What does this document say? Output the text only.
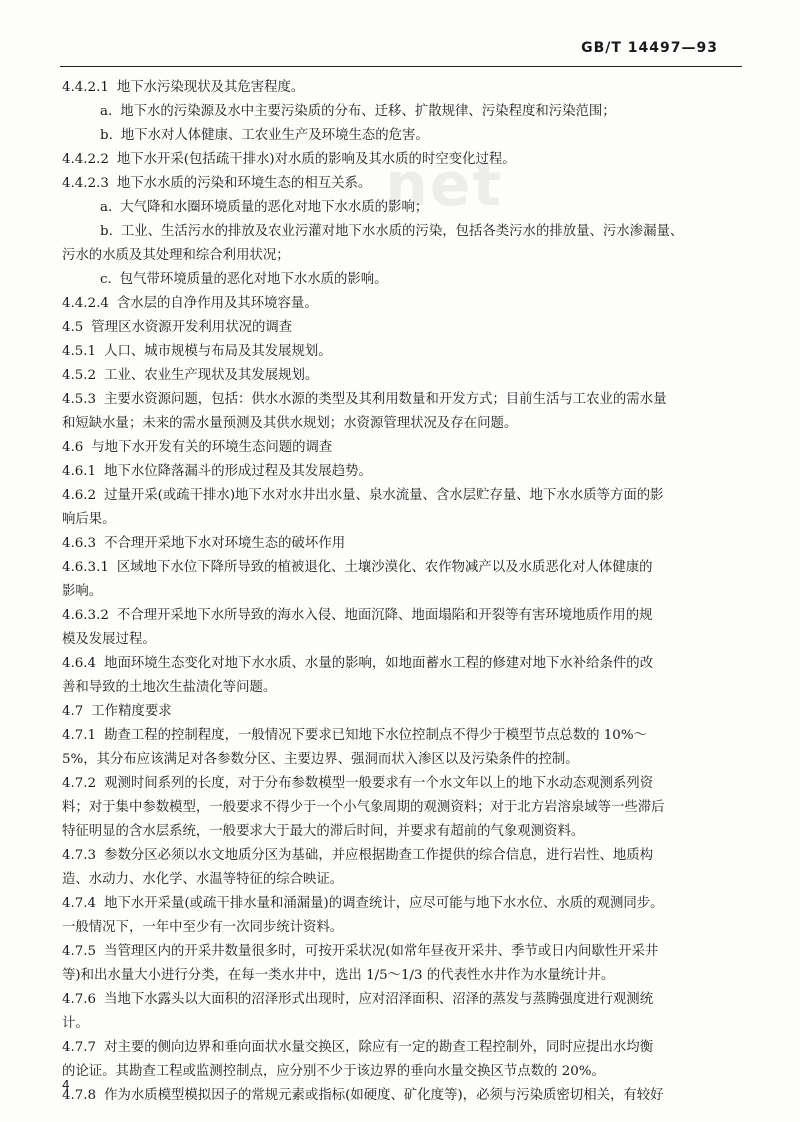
GB/T 14497—93
net
4.4.2.1 地下水污染现状及其危害程度。
a. 地下水的污染源及水中主要污染质的分布、迁移、扩散规律、污染程度和污染范围；
b. 地下水对人体健康、工农业生产及环境生态的危害。
4.4.2.2 地下水开采(包括疏干排水)对水质的影响及其水质的时空变化过程。
4.4.2.3 地下水水质的污染和环境生态的相互关系。
a. 大气降和水圈环境质量的恶化对地下水水质的影响；
b. 工业、生活污水的排放及农业污灌对地下水水质的污染，包括各类污水的排放量、污水渗漏量、
污水的水质及其处理和综合利用状况；
c. 包气带环境质量的恶化对地下水水质的影响。
4.4.2.4 含水层的自净作用及其环境容量。
4.5 管理区水资源开发利用状况的调查
4.5.1 人口、城市规模与布局及其发展规划。
4.5.2 工业、农业生产现状及其发展规划。
4.5.3 主要水资源问题，包括：供水水源的类型及其利用数量和开发方式；目前生活与工农业的需水量
和短缺水量；未来的需水量预测及其供水规划；水资源管理状况及存在问题。
4.6 与地下水开发有关的环境生态问题的调查
4.6.1 地下水位降落漏斗的形成过程及其发展趋势。
4.6.2 过量开采(或疏干排水)地下水对水井出水量、泉水流量、含水层贮存量、地下水水质等方面的影
响后果。
4.6.3 不合理开采地下水对环境生态的破坏作用
4.6.3.1 区域地下水位下降所导致的植被退化、土壤沙漠化、农作物减产以及水质恶化对人体健康的
影响。
4.6.3.2 不合理开采地下水所导致的海水入侵、地面沉降、地面塌陷和开裂等有害环境地质作用的规
模及发展过程。
4.6.4 地面环境生态变化对地下水水质、水量的影响，如地面蓄水工程的修建对地下水补给条件的改
善和导致的土地次生盐渍化等问题。
4.7 工作精度要求
4.7.1 勘查工程的控制程度，一般情况下要求已知地下水位控制点不得少于模型节点总数的 10%～
5%，其分布应该满足对各参数分区、主要边界、强洞而状入渗区以及污染条件的控制。
4.7.2 观测时间系列的长度，对于分布参数模型一般要求有一个水文年以上的地下水动态观测系列资
料；对于集中参数模型，一般要求不得少于一个小气象周期的观测资料；对于北方岩溶泉域等一些滞后
特征明显的含水层系统，一般要求大于最大的滞后时间，并要求有超前的气象观测资料。
4.7.3 参数分区必须以水文地质分区为基础，并应根据勘查工作提供的综合信息，进行岩性、地质构
造、水动力、水化学、水温等特征的综合映证。
4.7.4 地下水开采量(或疏干排水量和涌漏量)的调查统计，应尽可能与地下水水位、水质的观测同步。
一般情况下，一年中至少有一次同步统计资料。
4.7.5 当管理区内的开采井数量很多时，可按开采状况(如常年昼夜开采井、季节或日内间歇性开采井
等)和出水量大小进行分类，在每一类水井中，选出 1/5～1/3 的代表性水井作为水量统计井。
4.7.6 当地下水露头以大面积的沼泽形式出现时，应对沼泽面积、沼泽的蒸发与蒸腾强度进行观测统
计。
4.7.7 对主要的侧向边界和垂向面状水量交换区，除应有一定的勘查工程控制外，同时应提出水均衡
的论证。其勘查工程或监测控制点，应分别不少于该边界的垂向水量交换区节点数的 20%。
4.7.8 作为水质模型模拟因子的常规元素或指标(如硬度、矿化度等)，必须与污染质密切相关，有较好
4
